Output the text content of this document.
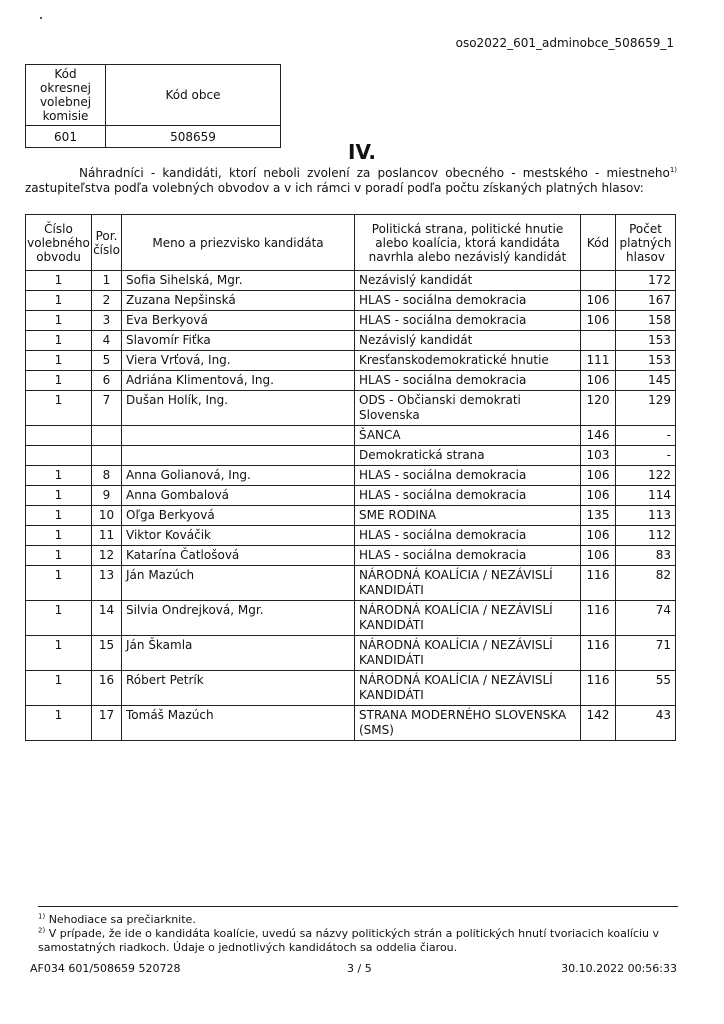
oso2022_601_adminobce_508659_1
Kód okresnej volebnej komisie	Kód obce
601	508659
IV.
Náhradníci - kandidáti, ktorí neboli zvolení za poslancov obecného - mestského - miestneho$^{1)}$
zastupiteľstva podľa volebných obvodov a v ich rámci v poradí podľa počtu získaných platných hlasov:
Číslo volebného obvodu	Por. číslo	Meno a priezvisko kandidáta	Politická strana, politické hnutie alebo koalícia, ktorá kandidáta navrhla alebo nezávislý kandidát	Kód	Počet platných hlasov
1	1	Sofia Sihelská, Mgr.	Nezávislý kandidát		172
1	2	Zuzana Nepšinská	HLAS - sociálna demokracia	106	167
1	3	Eva Berkyová	HLAS - sociálna demokracia	106	158
1	4	Slavomír Fiťka	Nezávislý kandidát		153
1	5	Viera Vrťová, Ing.	Kresťanskodemokratické hnutie	111	153
1	6	Adriána Klimentová, Ing.	HLAS - sociálna demokracia	106	145
1	7	Dušan Holík, Ing.	ODS - Občianski demokrati Slovenska	120	129
			ŠANCA	146	-
			Demokratická strana	103	-
1	8	Anna Golianová, Ing.	HLAS - sociálna demokracia	106	122
1	9	Anna Gombalová	HLAS - sociálna demokracia	106	114
1	10	Oľga Berkyová	SME RODINA	135	113
1	11	Viktor Kováčik	HLAS - sociálna demokracia	106	112
1	12	Katarína Čatlošová	HLAS - sociálna demokracia	106	83
1	13	Ján Mazúch	NÁRODNÁ KOALÍCIA / NEZÁVISLÍ KANDIDÁTI	116	82
1	14	Silvia Ondrejková, Mgr.	NÁRODNÁ KOALÍCIA / NEZÁVISLÍ KANDIDÁTI	116	74
1	15	Ján Škamla	NÁRODNÁ KOALÍCIA / NEZÁVISLÍ KANDIDÁTI	116	71
1	16	Róbert Petrík	NÁRODNÁ KOALÍCIA / NEZÁVISLÍ KANDIDÁTI	116	55
1	17	Tomáš Mazúch	STRANA MODERNÉHO SLOVENSKA (SMS)	142	43
$^{1)}$ Nehodiace sa prečiarknite.
$^{2)}$ V prípade, že ide o kandidáta koalície, uvedú sa názvy politických strán a politických hnutí tvoriacich koalíciu v samostatných riadkoch. Údaje o jednotlivých kandidátoch sa oddelia čiarou.
AF034 601/508659 520728	3 / 5	30.10.2022 00:56:33
